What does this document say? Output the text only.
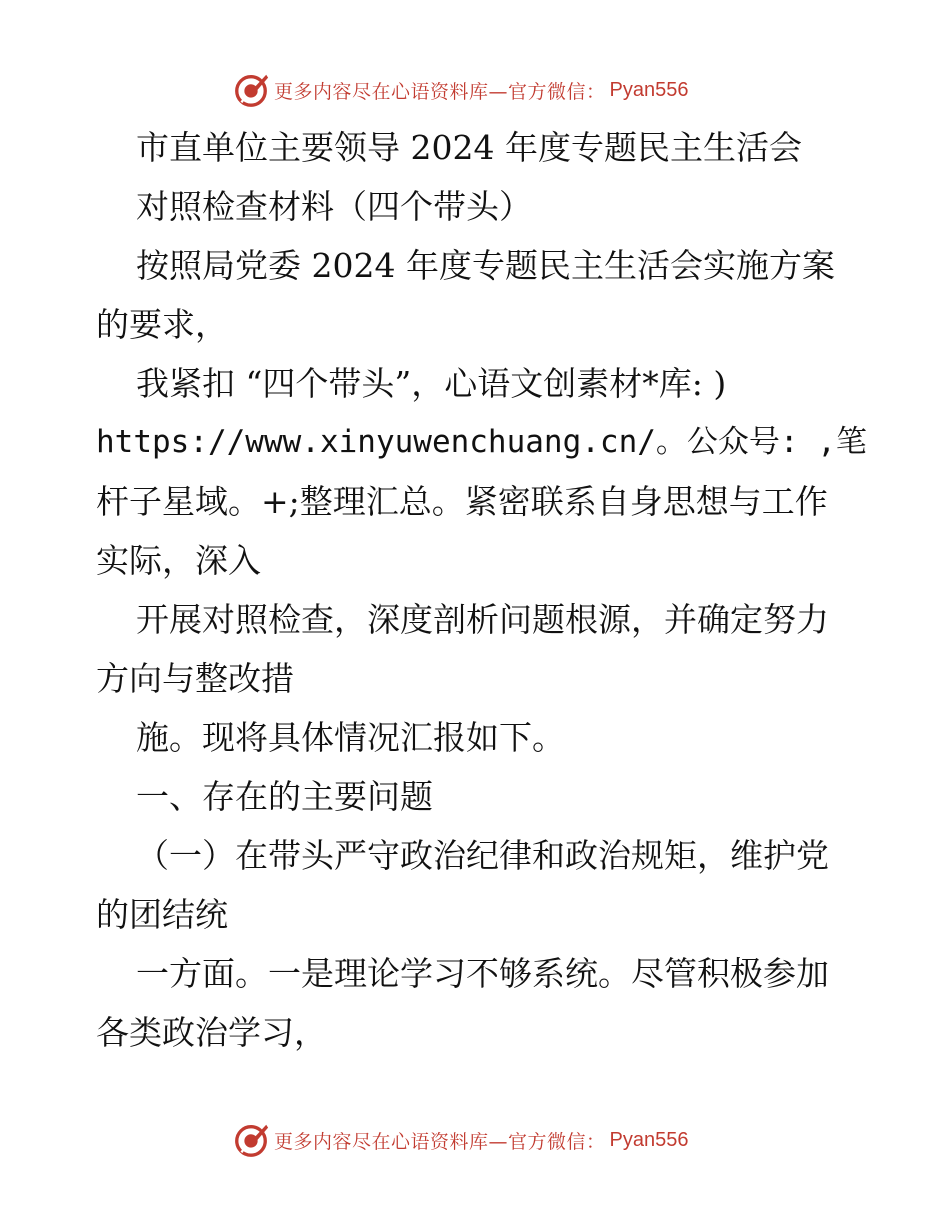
更多内容尽在心语资料库—官方微信： Pyan556
市直单位主要领导 2024 年度专题民主生活会
对照检查材料（四个带头）
按照局党委 2024 年度专题民主生活会实施方案
的要求，
我紧扣 “四个带头”，心语文创素材*库: )
https://www.xinyuwenchuang.cn/。公众号: ,笔
杆子星域。+;整理汇总。紧密联系自身思想与工作
实际，深入
开展对照检查，深度剖析问题根源，并确定努力
方向与整改措
施。现将具体情况汇报如下。
一、存在的主要问题
（一）在带头严守政治纪律和政治规矩，维护党
的团结统
一方面。一是理论学习不够系统。尽管积极参加
各类政治学习，
更多内容尽在心语资料库—官方微信： Pyan556
